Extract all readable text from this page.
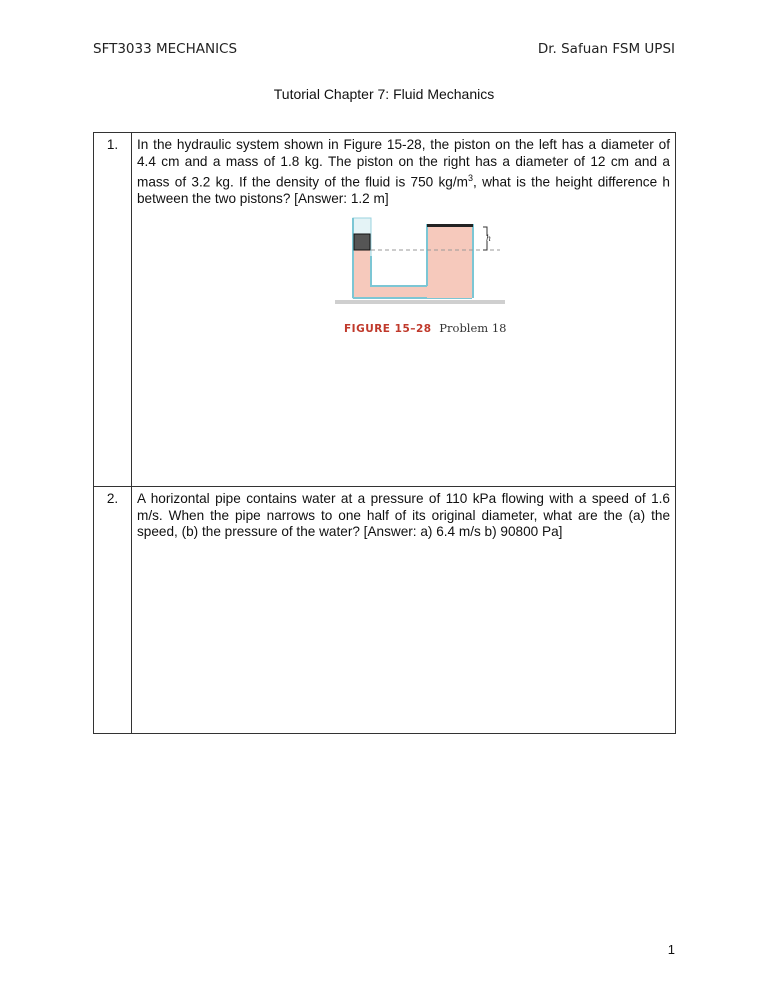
SFT3033 MECHANICS	Dr. Safuan FSM UPSI
Tutorial Chapter 7: Fluid Mechanics
1.	In the hydraulic system shown in Figure 15-28, the piston on the left has a diameter of 4.4 cm and a mass of 1.8 kg. The piston on the right has a diameter of 12 cm and a mass of 3.2 kg. If the density of the fluid is 750 $kg/m^3$, what is the height difference h between the two pistons? [Answer: 1.2 m]
h
FIGURE 15–28 Problem 18

2.	A horizontal pipe contains water at a pressure of 110 kPa flowing with a speed of 1.6 m/s. When the pipe narrows to one half of its original diameter, what are the (a) the speed, (b) the pressure of the water? [Answer: a) 6.4 m/s b) 90800 Pa]
1
